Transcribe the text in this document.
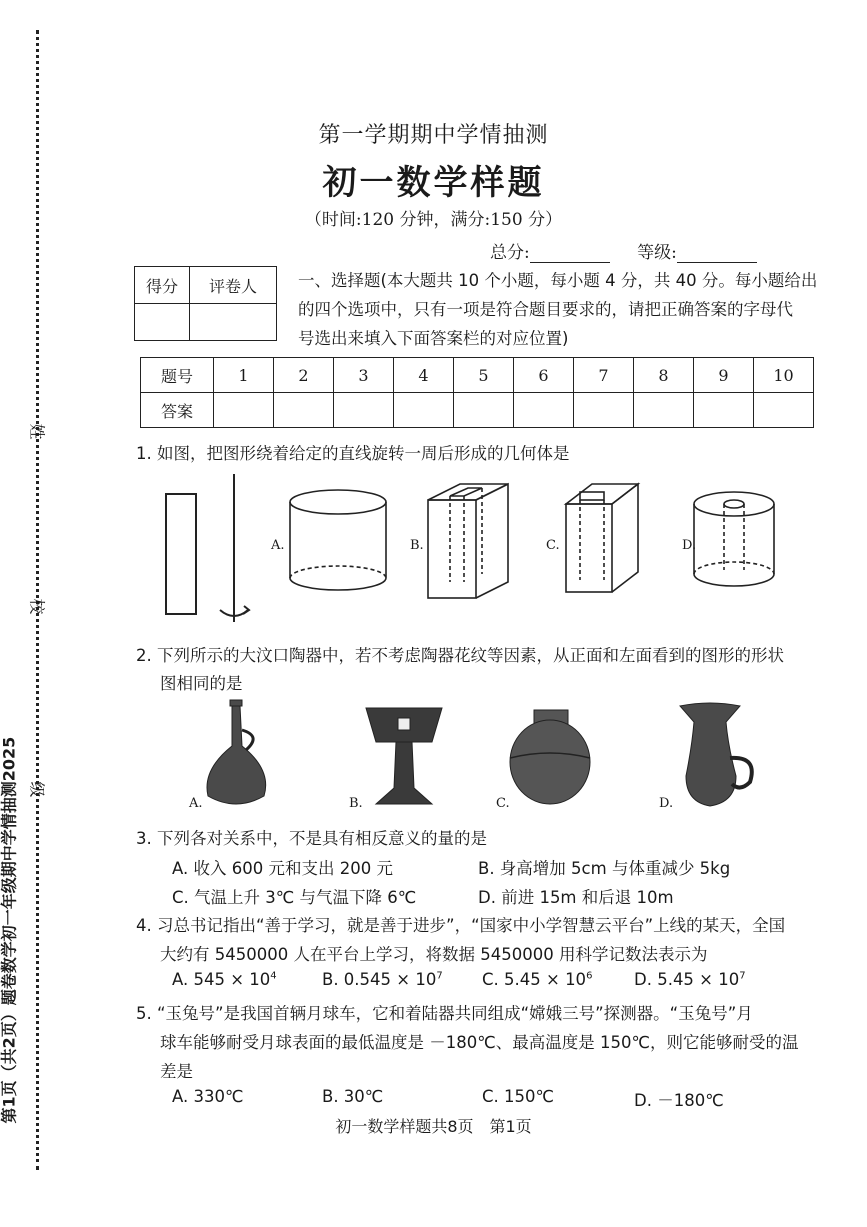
姓
校
级
第1页（共2页）题卷数学初一年级期中学情抽测2025
第一学期期中学情抽测
初一数学样题
（时间:120 分钟，满分:150 分）
总分:	等级:
得分	评卷人
	一、选择题(本大题共 10 个小题，每小题 4 分，共 40 分。每小题给出
的四个选项中，只有一项是符合题目要求的，请把正确答案的字母代
号选出来填入下面答案栏的对应位置)
题号	1	2	3	4	5	6	7	8	9	10
答案										
1. 如图，把图形绕着给定的直线旋转一周后形成的几何体是
A.	B.	C.	D.
2. 下列所示的大汶口陶器中，若不考虑陶器花纹等因素，从正面和左面看到的图形的形状
图相同的是
A.	B.	C.	D.
3. 下列各对关系中，不是具有相反意义的量的是
A. 收入 600 元和支出 200 元	B. 身高增加 5cm 与体重减少 5kg
C. 气温上升 3℃ 与气温下降 6℃	D. 前进 15m 和后退 10m
4. 习总书记指出“善于学习，就是善于进步”，“国家中小学智慧云平台”上线的某天，全国
大约有 5450000 人在平台上学习，将数据 5450000 用科学记数法表示为
A. $545 \times 10^4$	B. $0.545 \times 10^7$ C. $5.45 \times 10^6$	D. $5.45 \times 10^7$
5. “玉兔号”是我国首辆月球车，它和着陆器共同组成“嫦娥三号”探测器。“玉兔号”月
球车能够耐受月球表面的最低温度是 －180℃、最高温度是 150℃，则它能够耐受的温
差是
A. 330℃	B. 30℃	C. 150℃	D. －180℃
初一数学样题共8页　第1页
